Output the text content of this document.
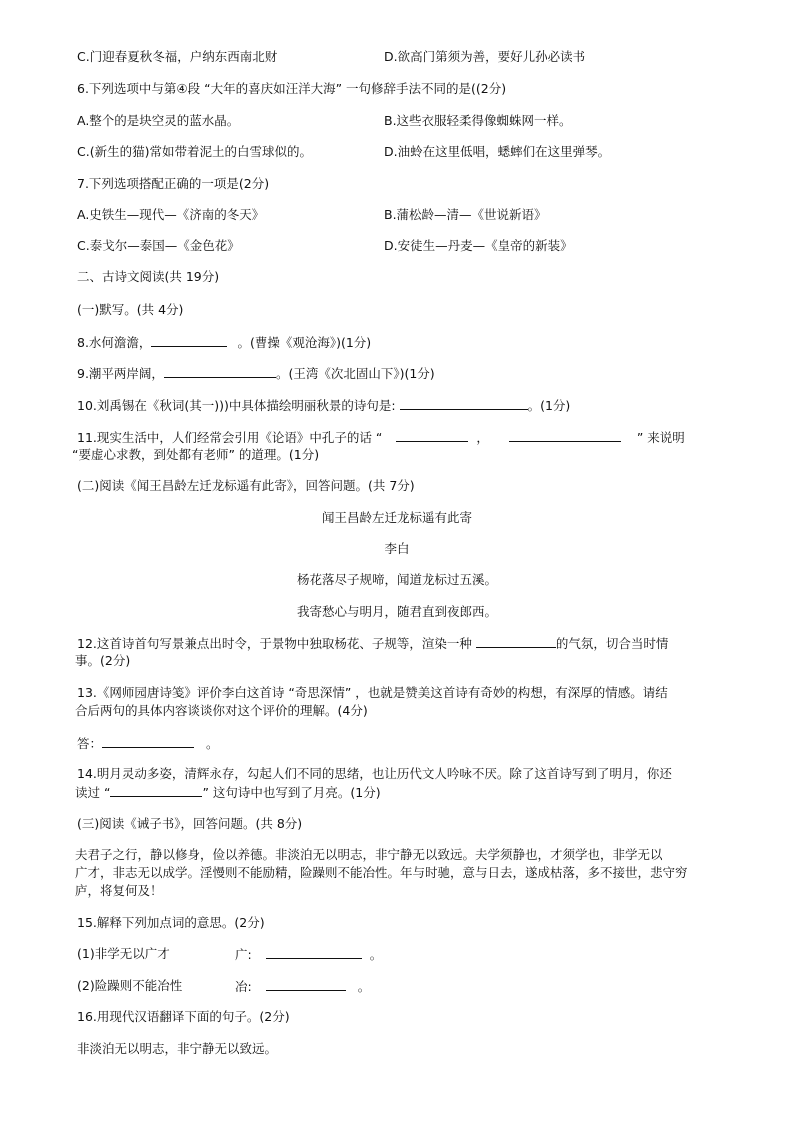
C.门迎春夏秋冬福，户纳东西南北财	D.欲高门第须为善，要好儿孙必读书
6.下列选项中与第④段 “大年的喜庆如汪洋大海” 一句修辞手法不同的是((2分)
A.整个的是块空灵的蓝水晶。	B.这些衣服轻柔得像蜘蛛网一样。
C.(新生的猫)常如带着泥土的白雪球似的。	D.油蛉在这里低唱，蟋蟀们在这里弹琴。
7.下列选项搭配正确的一项是(2分)
A.史铁生—现代—《济南的冬天》	B.蒲松龄—清—《世说新语》
C.泰戈尔—泰国—《金色花》	D.安徒生—丹麦—《皇帝的新装》
二、古诗文阅读(共 19分)
(一)默写。(共 4分)
8.水何澹澹，	。(曹操《观沧海》)(1分)
9.潮平两岸阔，	。(王湾《次北固山下》)(1分)
10.刘禹锡在《秋词(其一)))中具体描绘明丽秋景的诗句是:	。(1分)
11.现实生活中，人们经常会引用《论语》中孔子的话 “	，	” 来说明
“要虚心求教，到处都有老师” 的道理。(1分)
(二)阅读《闻王昌龄左迁龙标遥有此寄》，回答问题。(共 7分)
闻王昌龄左迁龙标遥有此寄
李白
杨花落尽子规啼，闻道龙标过五溪。
我寄愁心与明月，随君直到夜郎西。
12.这首诗首句写景兼点出时令，于景物中独取杨花、子规等，渲染一种	的气氛，切合当时情
事。(2分)
13.《网师园唐诗笺》评价李白这首诗 “奇思深情” ，也就是赞美这首诗有奇妙的构想，有深厚的情感。请结
合后两句的具体内容谈谈你对这个评价的理解。(4分)
答：	。
14.明月灵动多姿，清辉永存，勾起人们不同的思绪，也让历代文人吟咏不厌。除了这首诗写到了明月，你还
读过 “	” 这句诗中也写到了月亮。(1分)
(三)阅读《诫子书》，回答问题。(共 8分)
夫君子之行，静以修身，俭以养德。非淡泊无以明志，非宁静无以致远。夫学须静也，才须学也，非学无以
广才，非志无以成学。淫慢则不能励精，险躁则不能冶性。年与时驰，意与日去，遂成枯落，多不接世，悲守穷
庐，将复何及！
15.解释下列加点词的意思。(2分)
(1)非学无以广才	广:	。
(2)险躁则不能冶性	冶:	。
16.用现代汉语翻译下面的句子。(2分)
非淡泊无以明志，非宁静无以致远。
